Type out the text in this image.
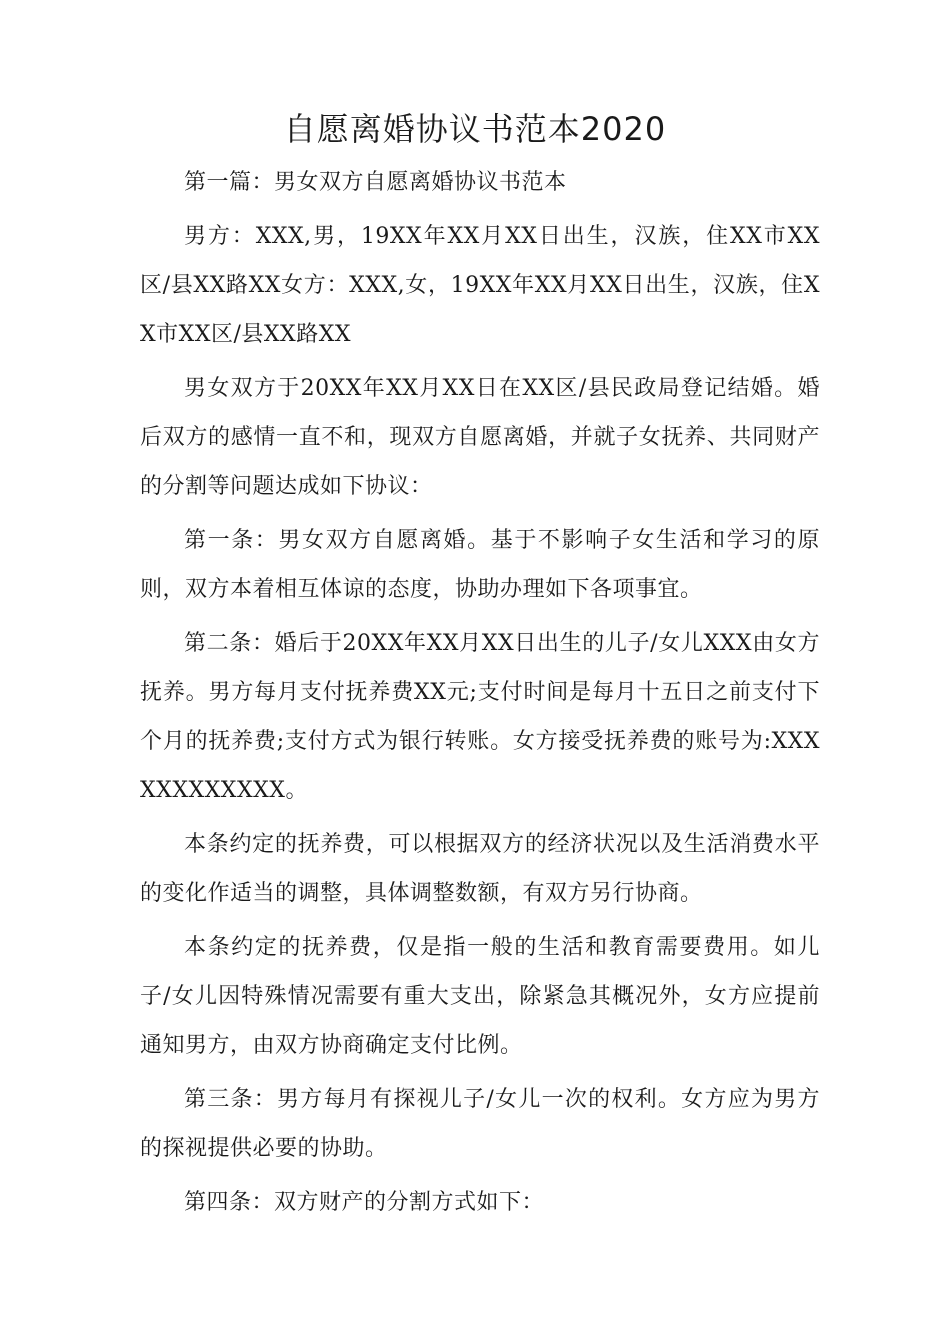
自愿离婚协议书范本2020

第一篇：男女双方自愿离婚协议书范本

男方：XXX,男，19XX年XX月XX日出生，汉族，住XX市XX区/县XX路XX女方：XXX,女，19XX年XX月XX日出生，汉族，住XX市XX区/县XX路XX

男女双方于20XX年XX月XX日在XX区/县民政局登记结婚。婚后双方的感情一直不和，现双方自愿离婚，并就子女抚养、共同财产的分割等问题达成如下协议：

第一条：男女双方自愿离婚。基于不影响子女生活和学习的原则，双方本着相互体谅的态度，协助办理如下各项事宜。

第二条：婚后于20XX年XX月XX日出生的儿子/女儿XXX由女方抚养。男方每月支付抚养费XX元;支付时间是每月十五日之前支付下个月的抚养费;支付方式为银行转账。女方接受抚养费的账号为:XXXXXXXXXXXX。

本条约定的抚养费，可以根据双方的经济状况以及生活消费水平的变化作适当的调整，具体调整数额，有双方另行协商。

本条约定的抚养费，仅是指一般的生活和教育需要费用。如儿子/女儿因特殊情况需要有重大支出，除紧急其概况外，女方应提前通知男方，由双方协商确定支付比例。

第三条：男方每月有探视儿子/女儿一次的权利。女方应为男方的探视提供必要的协助。

第四条：双方财产的分割方式如下：
